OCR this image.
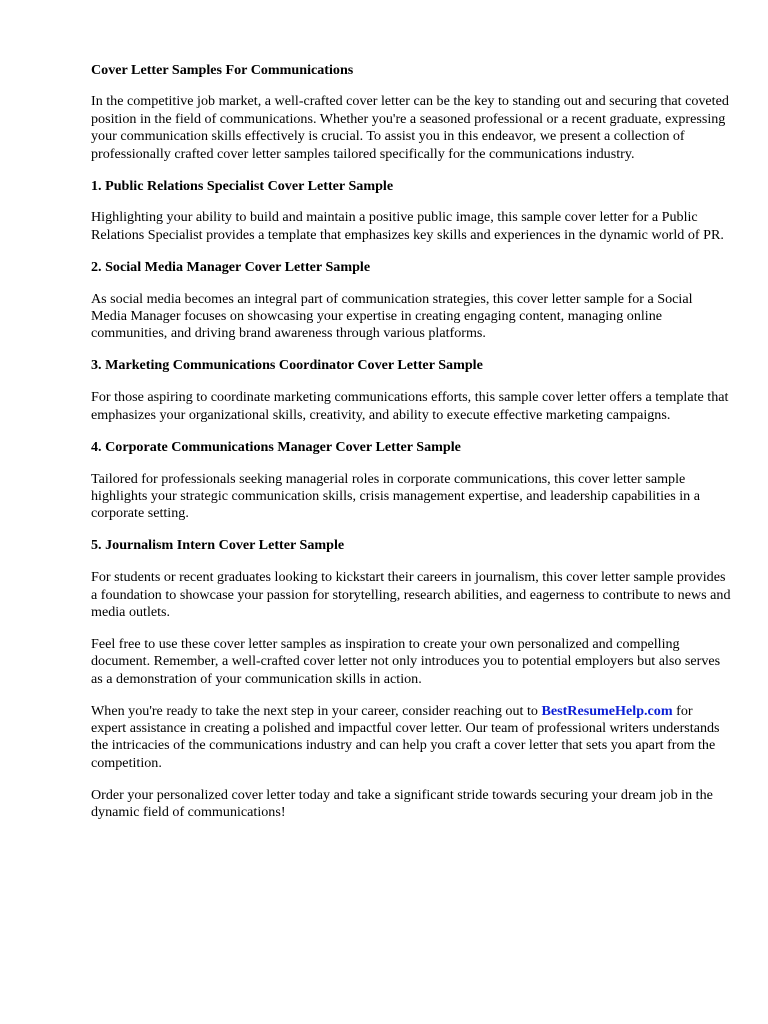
Cover Letter Samples For Communications
In the competitive job market, a well-crafted cover letter can be the key to standing out and securing that coveted position in the field of communications. Whether you're a seasoned professional or a recent graduate, expressing your communication skills effectively is crucial. To assist you in this endeavor, we present a collection of professionally crafted cover letter samples tailored specifically for the communications industry.
1. Public Relations Specialist Cover Letter Sample
Highlighting your ability to build and maintain a positive public image, this sample cover letter for a Public Relations Specialist provides a template that emphasizes key skills and experiences in the dynamic world of PR.
2. Social Media Manager Cover Letter Sample
As social media becomes an integral part of communication strategies, this cover letter sample for a Social Media Manager focuses on showcasing your expertise in creating engaging content, managing online communities, and driving brand awareness through various platforms.
3. Marketing Communications Coordinator Cover Letter Sample
For those aspiring to coordinate marketing communications efforts, this sample cover letter offers a template that emphasizes your organizational skills, creativity, and ability to execute effective marketing campaigns.
4. Corporate Communications Manager Cover Letter Sample
Tailored for professionals seeking managerial roles in corporate communications, this cover letter sample highlights your strategic communication skills, crisis management expertise, and leadership capabilities in a corporate setting.
5. Journalism Intern Cover Letter Sample
For students or recent graduates looking to kickstart their careers in journalism, this cover letter sample provides a foundation to showcase your passion for storytelling, research abilities, and eagerness to contribute to news and media outlets.
Feel free to use these cover letter samples as inspiration to create your own personalized and compelling document. Remember, a well-crafted cover letter not only introduces you to potential employers but also serves as a demonstration of your communication skills in action.
When you're ready to take the next step in your career, consider reaching out to BestResumeHelp.com for expert assistance in creating a polished and impactful cover letter. Our team of professional writers understands the intricacies of the communications industry and can help you craft a cover letter that sets you apart from the competition.
Order your personalized cover letter today and take a significant stride towards securing your dream job in the dynamic field of communications!
